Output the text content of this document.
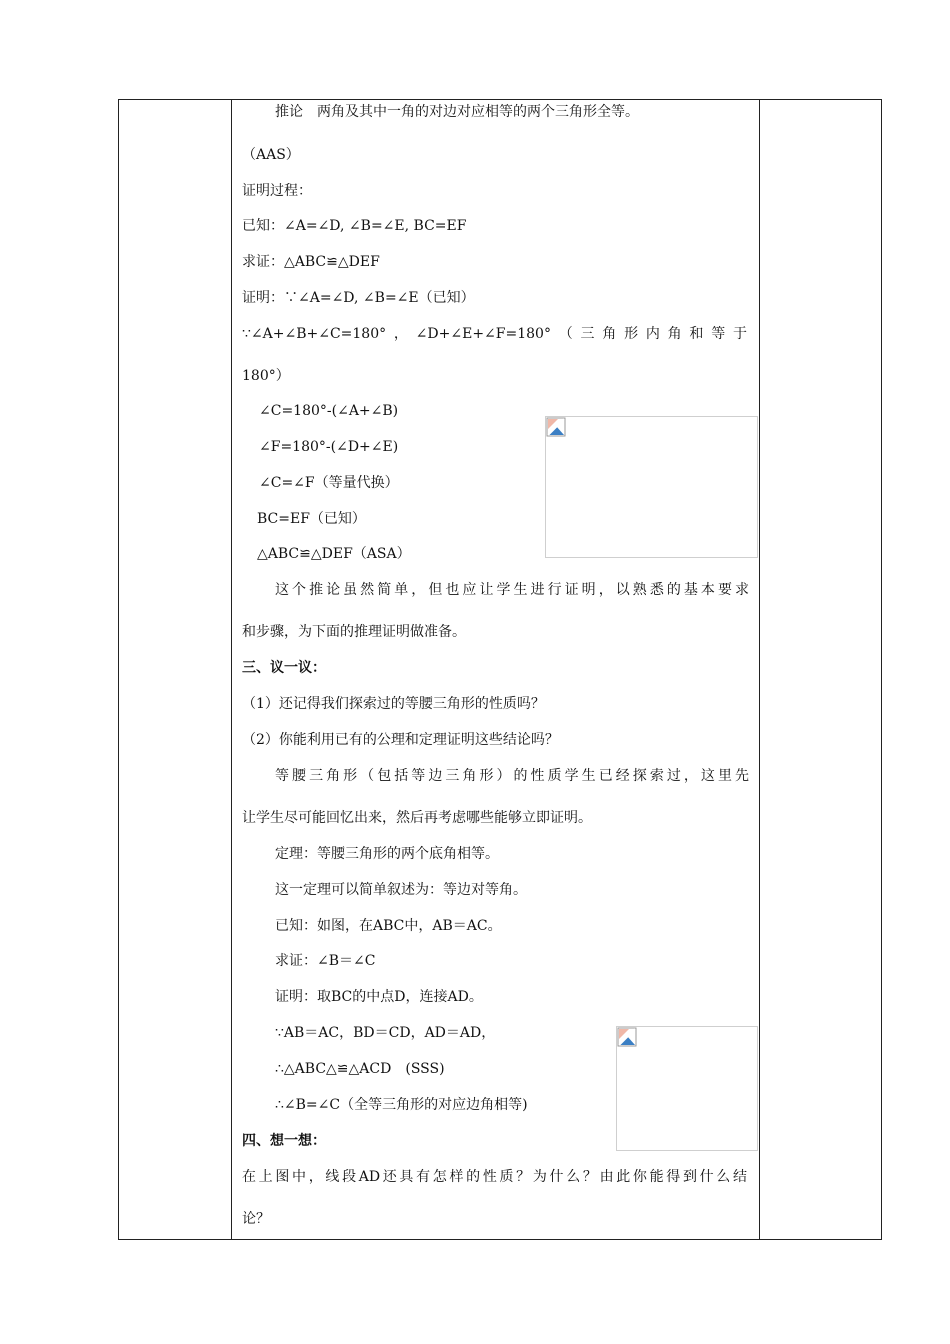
推论　两角及其中一角的对边对应相等的两个三角形全等。
（AAS）
证明过程：
已知：∠A=∠D, ∠B=∠E, BC=EF
求证：△ABC≌△DEF
证明：∵∠A=∠D, ∠B=∠E（已知）
∵∠A+∠B+∠C=180°，∠D+∠E+∠F=180°（三角形内角和等于
180°）
∠C=180°-(∠A+∠B)
∠F=180°-(∠D+∠E)
∠C=∠F（等量代换）
BC=EF（已知）
△ABC≌△DEF（ASA）
这个推论虽然简单，但也应让学生进行证明，以熟悉的基本要求
和步骤，为下面的推理证明做准备。
三、议一议：
（1）还记得我们探索过的等腰三角形的性质吗？
（2）你能利用已有的公理和定理证明这些结论吗？
等腰三角形（包括等边三角形）的性质学生已经探索过，这里先
让学生尽可能回忆出来，然后再考虑哪些能够立即证明。
定理：等腰三角形的两个底角相等。
这一定理可以简单叙述为：等边对等角。
已知：如图，在ABC中，AB＝AC。
求证：∠B＝∠C
证明：取BC的中点D，连接AD。
∵AB＝AC，BD＝CD，AD＝AD，
∴△ABC△≌△ACD　(SSS)
∴∠B=∠C（全等三角形的对应边角相等)
四、想一想：
在上图中，线段AD还具有怎样的性质？为什么？由此你能得到什么结
论？
